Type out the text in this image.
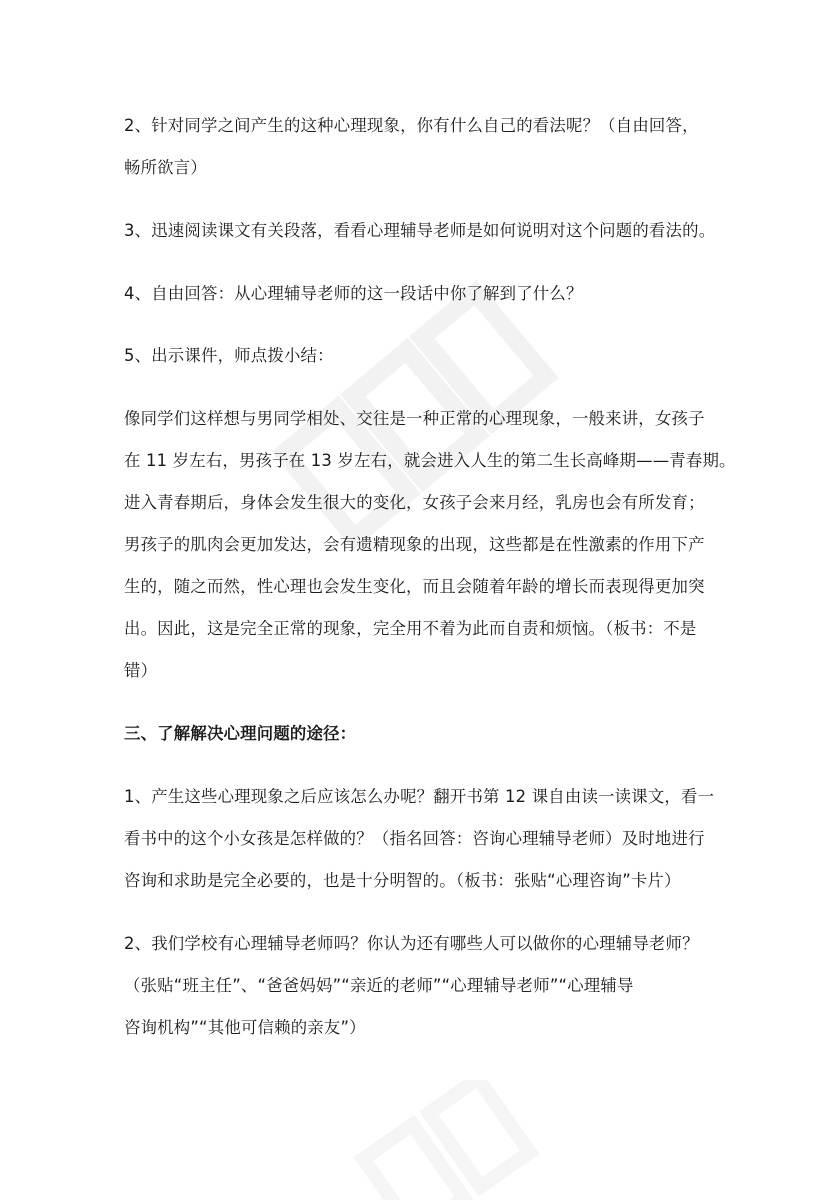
2、针对同学之间产生的这种心理现象，你有什么自己的看法呢？（自由回答，
畅所欲言）
3、迅速阅读课文有关段落，看看心理辅导老师是如何说明对这个问题的看法的。
4、自由回答：从心理辅导老师的这一段话中你了解到了什么？
5、出示课件，师点拨小结：
像同学们这样想与男同学相处、交往是一种正常的心理现象，一般来讲，女孩子
在 11 岁左右，男孩子在 13 岁左右，就会进入人生的第二生长高峰期——青春期。
进入青春期后，身体会发生很大的变化，女孩子会来月经，乳房也会有所发育；
男孩子的肌肉会更加发达，会有遗精现象的出现，这些都是在性激素的作用下产
生的，随之而然，性心理也会发生变化，而且会随着年龄的增长而表现得更加突
出。因此，这是完全正常的现象，完全用不着为此而自责和烦恼。（板书：不是
错）
三、了解解决心理问题的途径：
1、产生这些心理现象之后应该怎么办呢？翻开书第 12 课自由读一读课文，看一
看书中的这个小女孩是怎样做的？（指名回答：咨询心理辅导老师）及时地进行
咨询和求助是完全必要的，也是十分明智的。（板书：张贴“心理咨询”卡片）
2、我们学校有心理辅导老师吗？你认为还有哪些人可以做你的心理辅导老师？
（张贴“班主任”、“爸爸妈妈”“亲近的老师”“心理辅导老师”“心理辅导
咨询机构”“其他可信赖的亲友”）
